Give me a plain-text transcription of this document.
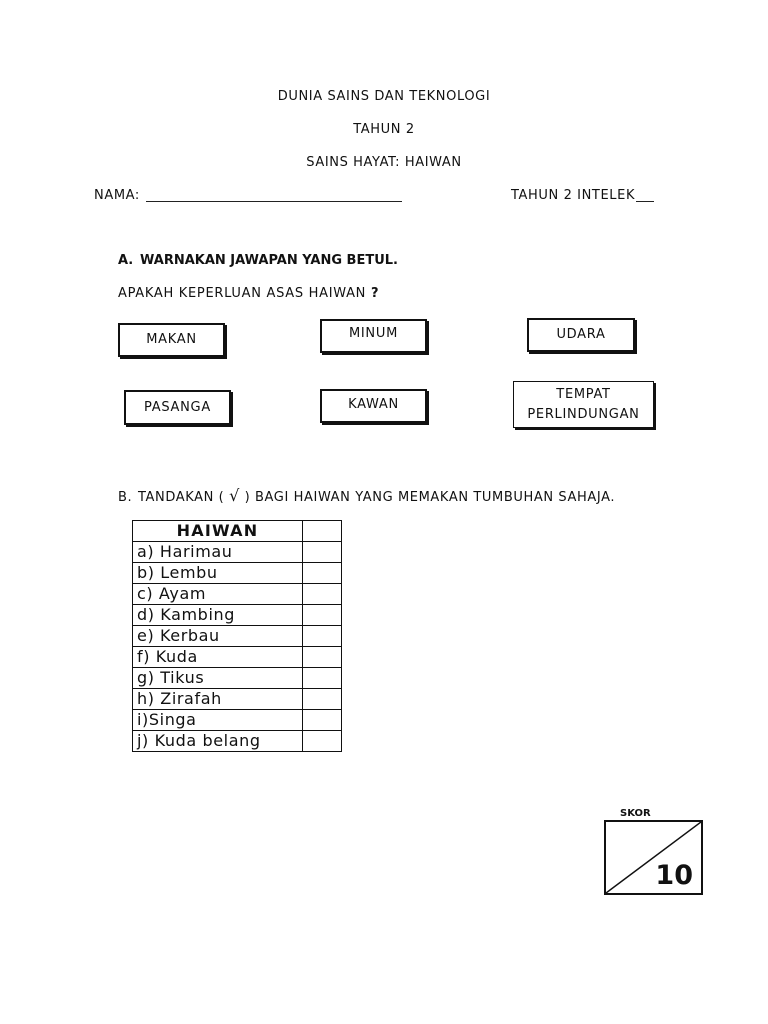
DUNIA SAINS DAN TEKNOLOGI
TAHUN 2
SAINS HAYAT: HAIWAN
NAMA:	TAHUN 2 INTELEK
A. WARNAKAN JAWAPAN YANG BETUL.
APAKAH KEPERLUAN ASAS HAIWAN ?
MAKAN	MINUM	UDARA
PASANGA	KAWAN
TEMPAT
PERLINDUNGAN
B. TANDAKAN ( √ ) BAGI HAIWAN YANG MEMAKAN TUMBUHAN SAHAJA.
HAIWAN	
a) Harimau	
b) Lembu	
c) Ayam	
d) Kambing	
e) Kerbau	
f) Kuda	
g) Tikus	
h) Zirafah	
i)Singa	
j) Kuda belang	
SKOR
10
